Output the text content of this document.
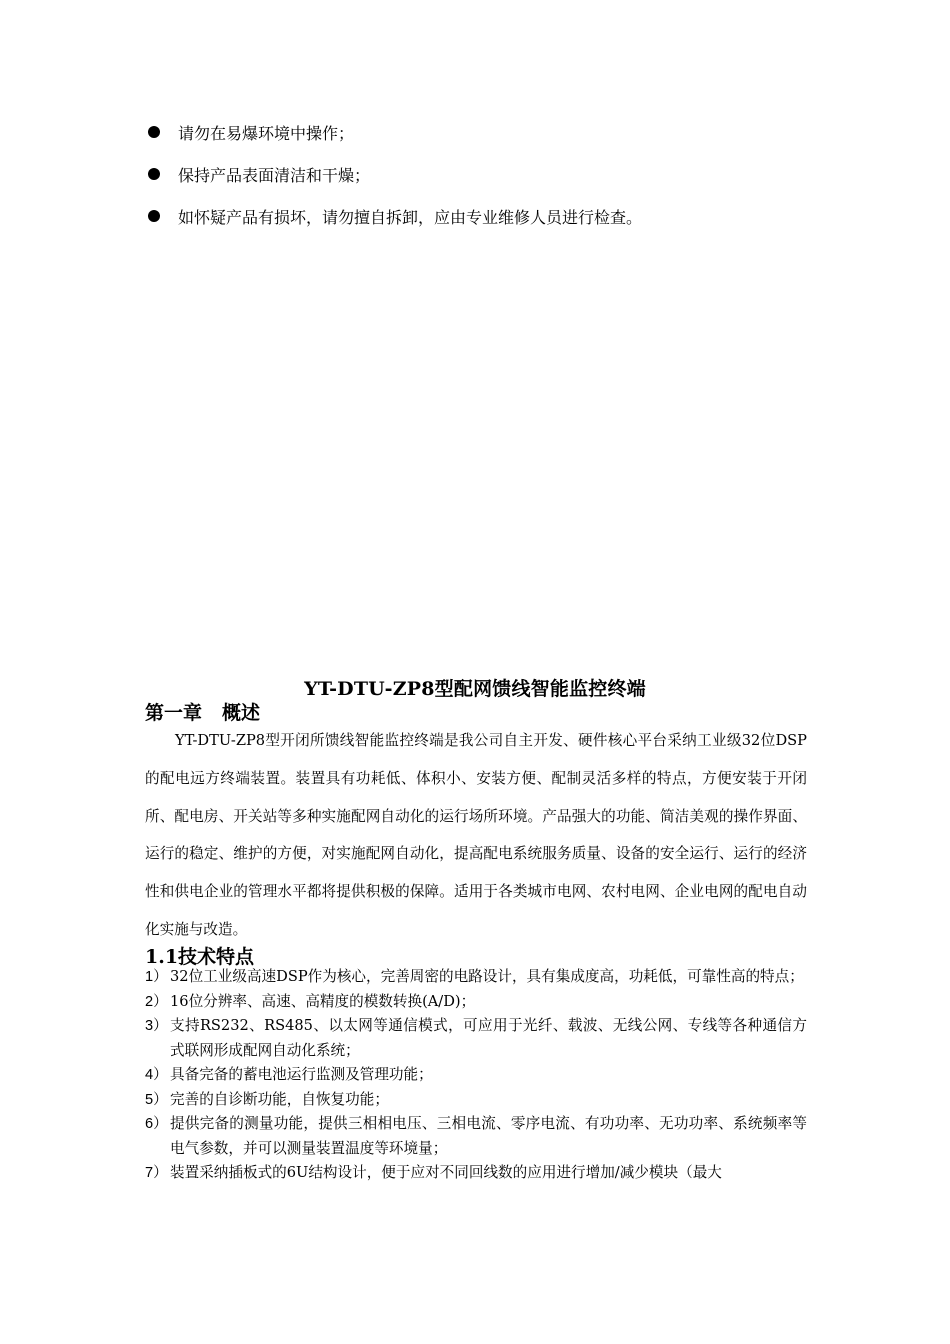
请勿在易爆环境中操作；
保持产品表面清洁和干燥；
如怀疑产品有损坏，请勿擅自拆卸，应由专业维修人员进行检查。
YT-DTU-ZP8型配网馈线智能监控终端
第一章 概述

YT-DTU-ZP8型开闭所馈线智能监控终端是我公司自主开发、硬件核心平台采纳工业级32位DSP的配电远方终端装置。装置具有功耗低、体积小、安装方便、配制灵活多样的特点，方便安装于开闭所、配电房、开关站等多种实施配网自动化的运行场所环境。产品强大的功能、简洁美观的操作界面、运行的稳定、维护的方便，对实施配网自动化，提高配电系统服务质量、设备的安全运行、运行的经济性和供电企业的管理水平都将提供积极的保障。适用于各类城市电网、农村电网、企业电网的配电自动化实施与改造。

1.1技术特点
1） 32位工业级高速DSP作为核心，完善周密的电路设计，具有集成度高，功耗低，可靠性高的特点；
2） 16位分辨率、高速、高精度的模数转换(A/D)；
3） 支持RS232、RS485、以太网等通信模式，可应用于光纤、载波、无线公网、专线等各种通信方式联网形成配网自动化系统；
4） 具备完备的蓄电池运行监测及管理功能；
5） 完善的自诊断功能，自恢复功能；
6） 提供完备的测量功能，提供三相相电压、三相电流、零序电流、有功功率、无功功率、系统频率等电气参数，并可以测量装置温度等环境量；
7） 装置采纳插板式的6U结构设计，便于应对不同回线数的应用进行增加/减少模块（最大
